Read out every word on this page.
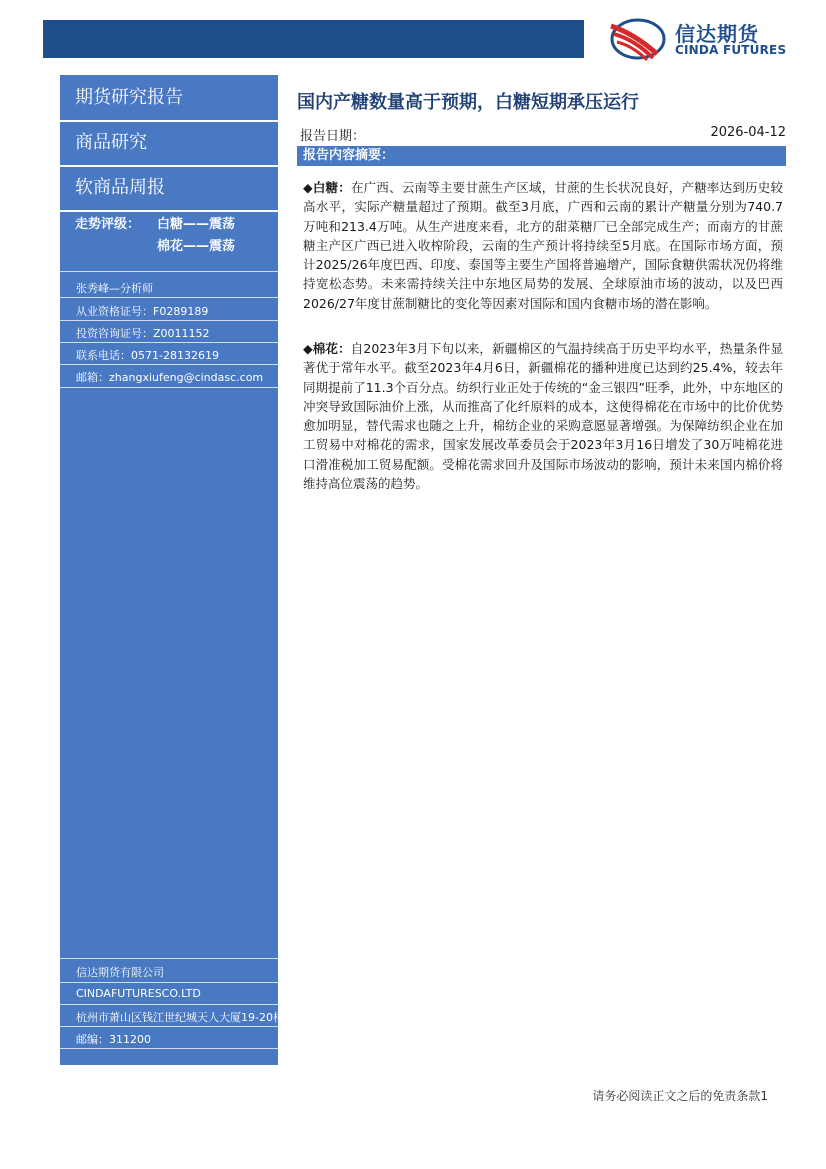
信达期货
CINDA FUTURES
期货研究报告
商品研究
软商品周报
走势评级： 白糖——震荡
棉花——震荡
张秀峰—分析师
从业资格证号：F0289189
投资咨询证号：Z0011152
联系电话：0571-28132619
邮箱：zhangxiufeng@cindasc.com
信达期货有限公司
CINDAFUTURESCO.LTD
杭州市萧山区钱江世纪城天人大厦19-20楼
邮编：311200
国内产糖数量高于预期，白糖短期承压运行
报告日期：	2026-04-12
报告内容摘要：
◆白糖：在广西、云南等主要甘蔗生产区域，甘蔗的生长状况良好，产糖率达到历史较高水平，实际产糖量超过了预期。截至3月底，广西和云南的累计产糖量分别为740.7万吨和213.4万吨。从生产进度来看，北方的甜菜糖厂已全部完成生产；而南方的甘蔗糖主产区广西已进入收榨阶段，云南的生产预计将持续至5月底。在国际市场方面，预计2025/26年度巴西、印度、泰国等主要生产国将普遍增产，国际食糖供需状况仍将维持宽松态势。未来需持续关注中东地区局势的发展、全球原油市场的波动，以及巴西2026/27年度甘蔗制糖比的变化等因素对国际和国内食糖市场的潜在影响。
◆棉花：自2023年3月下旬以来，新疆棉区的气温持续高于历史平均水平，热量条件显著优于常年水平。截至2023年4月6日，新疆棉花的播种进度已达到约25.4%，较去年同期提前了11.3个百分点。纺织行业正处于传统的“金三银四”旺季，此外，中东地区的冲突导致国际油价上涨，从而推高了化纤原料的成本，这使得棉花在市场中的比价优势愈加明显，替代需求也随之上升，棉纺企业的采购意愿显著增强。为保障纺织企业在加工贸易中对棉花的需求，国家发展改革委员会于2023年3月16日增发了30万吨棉花进口滑准税加工贸易配额。受棉花需求回升及国际市场波动的影响，预计未来国内棉价将维持高位震荡的趋势。
请务必阅读正文之后的免责条款1
